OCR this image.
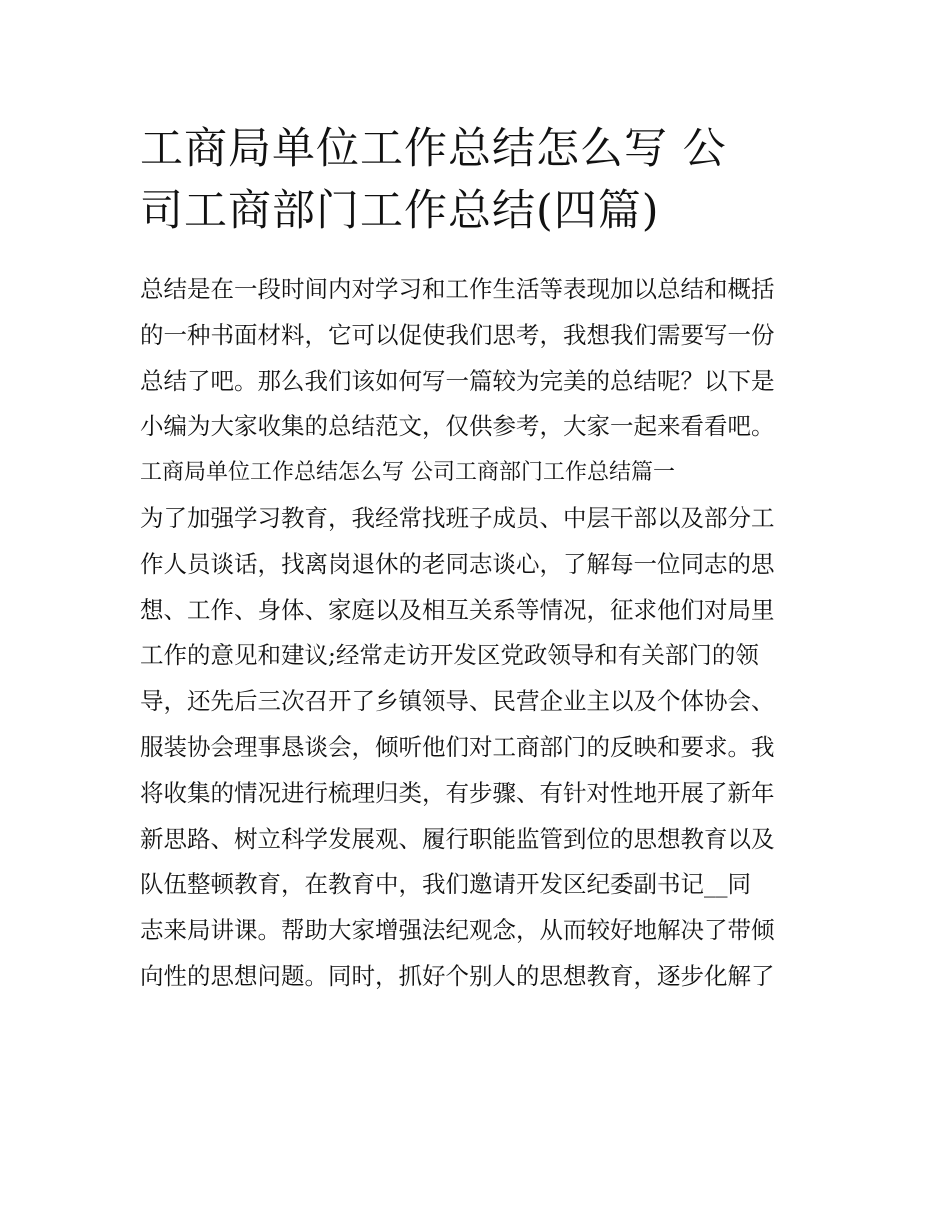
工商局单位工作总结怎么写 公
司工商部门工作总结(四篇)
总结是在一段时间内对学习和工作生活等表现加以总结和概括
的一种书面材料，它可以促使我们思考，我想我们需要写一份
总结了吧。那么我们该如何写一篇较为完美的总结呢？以下是
小编为大家收集的总结范文，仅供参考，大家一起来看看吧。
工商局单位工作总结怎么写 公司工商部门工作总结篇一
为了加强学习教育，我经常找班子成员、中层干部以及部分工
作人员谈话，找离岗退休的老同志谈心，了解每一位同志的思
想、工作、身体、家庭以及相互关系等情况，征求他们对局里
工作的意见和建议;经常走访开发区党政领导和有关部门的领
导，还先后三次召开了乡镇领导、民营企业主以及个体协会、
服装协会理事恳谈会，倾听他们对工商部门的反映和要求。我
将收集的情况进行梳理归类，有步骤、有针对性地开展了新年
新思路、树立科学发展观、履行职能监管到位的思想教育以及
队伍整顿教育，在教育中，我们邀请开发区纪委副书记__同
志来局讲课。帮助大家增强法纪观念，从而较好地解决了带倾
向性的思想问题。同时，抓好个别人的思想教育，逐步化解了
